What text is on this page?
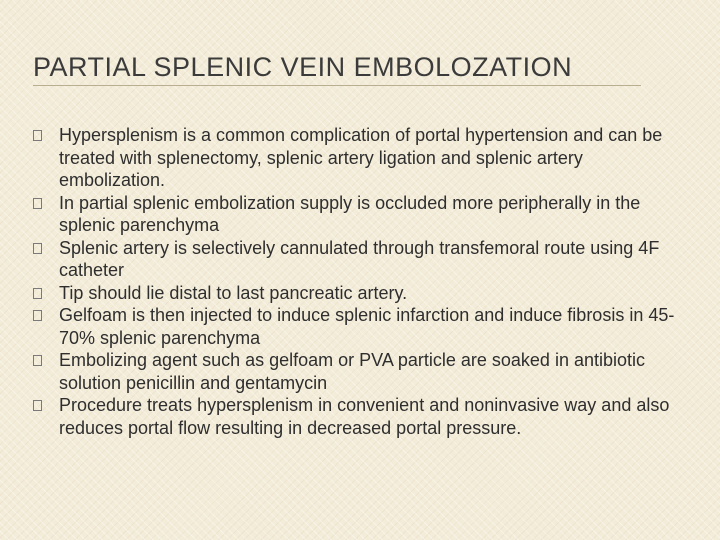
PARTIAL SPLENIC VEIN EMBOLOZATION
Hypersplenism is a common complication of portal hypertension and can be treated with splenectomy, splenic artery ligation and splenic artery embolization.
In partial splenic embolization supply is occluded more peripherally in the splenic parenchyma
Splenic artery is selectively cannulated through transfemoral route using 4F catheter
Tip should lie distal to last pancreatic artery.
Gelfoam is then injected to induce splenic infarction and induce fibrosis in 45-70% splenic parenchyma
Embolizing agent such as gelfoam or PVA particle are soaked in antibiotic solution penicillin and gentamycin
Procedure treats hypersplenism in convenient and noninvasive way and also reduces portal flow resulting in decreased portal pressure.
